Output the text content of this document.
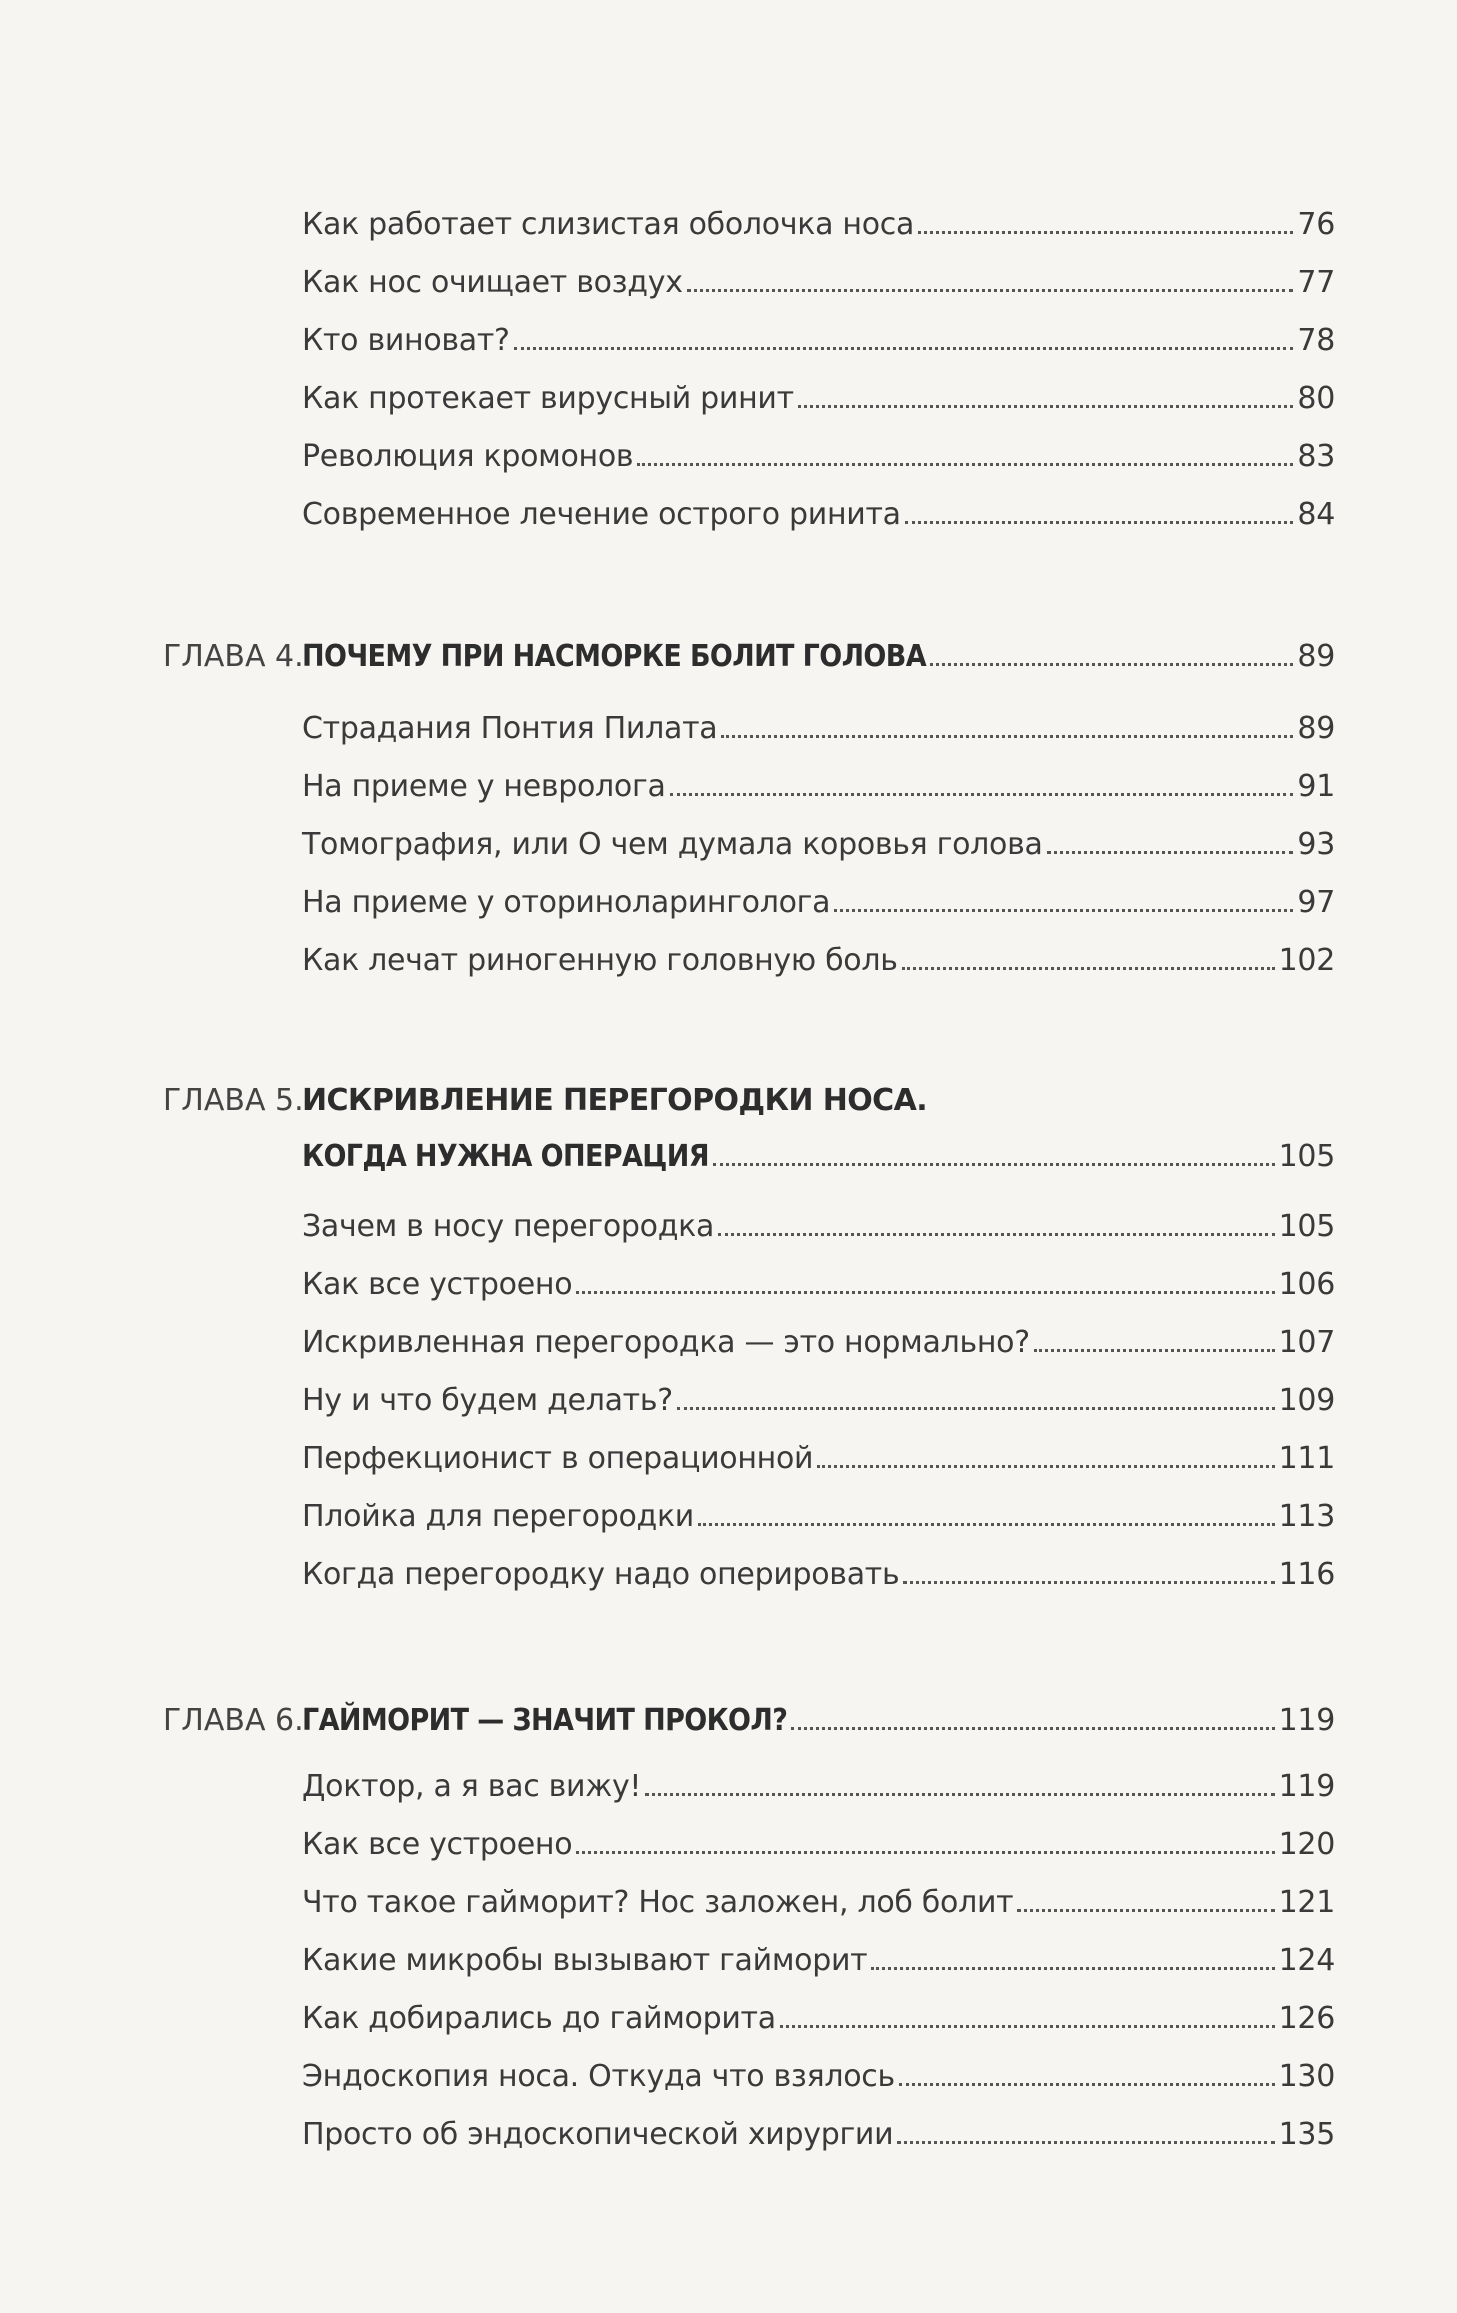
Как работает слизистая оболочка носа	76
Как нос очищает воздух	77
Кто виноват?	78
Как протекает вирусный ринит	80
Революция кромонов	83
Современное лечение острого ринита	84
ГЛАВА 4.
ПОЧЕМУ ПРИ НАСМОРКЕ БОЛИТ ГОЛОВА	89
Страдания Понтия Пилата	89
На приеме у невролога	91
Томография, или О чем думала коровья голова	93
На приеме у оториноларинголога	97
Как лечат риногенную головную боль	102
ГЛАВА 5.
ИСКРИВЛЕНИЕ ПЕРЕГОРОДКИ НОСА.
КОГДА НУЖНА ОПЕРАЦИЯ	105
Зачем в носу перегородка	105
Как все устроено	106
Искривленная перегородка — это нормально?	107
Ну и что будем делать?	109
Перфекционист в операционной	111
Плойка для перегородки	113
Когда перегородку надо оперировать	116
ГЛАВА 6.
ГАЙМОРИТ — ЗНАЧИТ ПРОКОЛ?	119
Доктор, а я вас вижу!	119
Как все устроено	120
Что такое гайморит? Нос заложен, лоб болит	121
Какие микробы вызывают гайморит	124
Как добирались до гайморита	126
Эндоскопия носа. Откуда что взялось	130
Просто об эндоскопической хирургии	135
